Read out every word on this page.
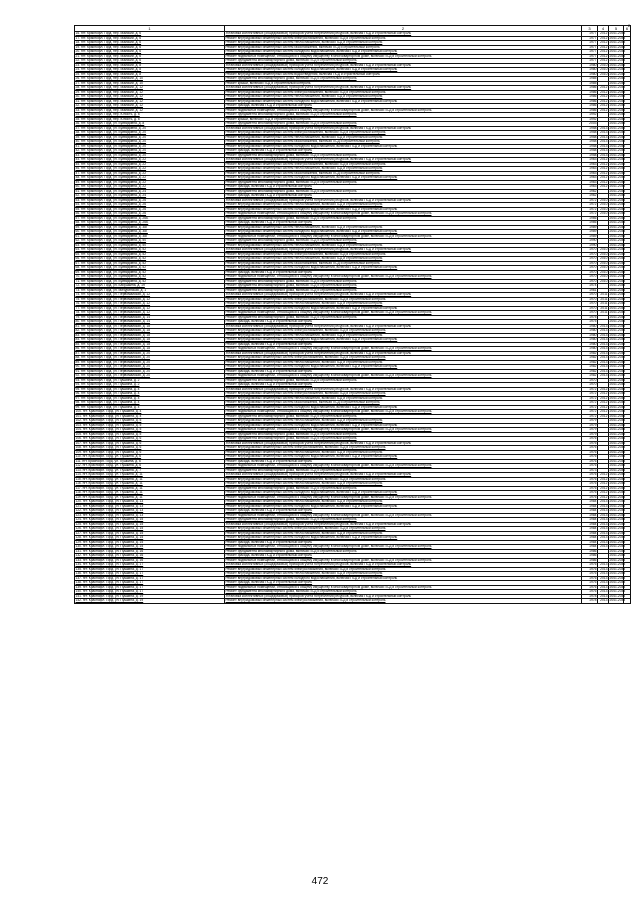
2
1	2	3	4	5	6
16. пгт. Краснофл. Горд. пер. Майский, д. 6	Установка коллективных (общедомовых) приборов учета потребления ресурсов, включая ПСД и строительный контроль	1977	2012	2041-2043	
17. пгт. Краснофл. Горд. пер. Майский, д. 6	Ремонт внутридомовых инженерных систем электроснабжения, включая ПСД и строительный контроль	1977	2012	2041-2043	
18. пгт. Краснофл. Горд. пер. Майский, д. 6	Ремонт внутридомовых инженерных систем теплоснабжения, включая ПСД и строительный контроль	1977	2012	2041-2043	
19. пгт. Краснофл. Горд. пер. Майский, д. 6	Ремонт внутридомовых инженерных систем газоснабжения, включая ПСД и строительный контроль	1977	2012	2041-2043	
20. пгт. Краснофл. Горд. пер. Майский, д. 6	Ремонт внутридомовых инженерных систем холодного водоснабжения, включая ПСД и строительный контроль	1977	2012	2041-2043	
21. пгт. Краснофл. Горд. пер. Майский, д. 6	Ремонт подвальных помещений, относящихся к общему имуществу в многоквартирном доме, включая ПСД и строительный контроль	1977	2012	2041-2043	
22. пгт. Краснофл. Горд. пер. Майский, д. 6	Ремонт фундамента многоквартирного дома, включая ПСД и строительный контроль	1977	2012	2041-2043	
23. пгт. Краснофл. Горд. пер. Майский, д. 8	Установка коллективных (общедомовых) приборов учета потребления ресурсов, включая ПСД и строительный контроль	1980	2010	2041-2043	
24. пгт. Краснофл. Горд. пер. Майский, д. 8	Ремонт внутридомовых инженерных систем холодного водоснабжения, включая ПСД и строительный контроль	1980	2010	2041-2043	
25. пгт. Краснофл. Горд. пер. Майский, д. 8	Ремонт внутридомовых инженерных систем водоотведения, включая ПСД и строительный контроль	1980	2010	2041-2043	
26. пгт. Краснофл. Горд. пер. Майский, д. 10	Ремонт фундамента многоквартирного дома, включая ПСД и строительный контроль	1985		2041-2043	
27. пгт. Краснофл. Горд. пер. Майский, д. 10	Ремонт крыши, включая ПСД и строительный контроль	1985		2041-2043	
28. пгт. Краснофл. Горд. пер. Майский, д. 12	Установка коллективных (общедомовых) приборов учета потребления ресурсов, включая ПСД и строительный контроль	1986	2012	2041-2043	
29. пгт. Краснофл. Горд. пер. Майский, д. 12	Ремонт внутридомовых инженерных систем электроснабжения, включая ПСД и строительный контроль	1986	2012	2041-2043	
30. пгт. Краснофл. Горд. пер. Майский, д. 12	Ремонт внутридомовых инженерных систем теплоснабжения, включая ПСД и строительный контроль	1986	2012	2041-2043	
31. пгт. Краснофл. Горд. пер. Майский, д. 12	Ремонт внутридомовых инженерных систем холодного водоснабжения, включая ПСД и строительный контроль	1986	2012	2041-2043	
32. пгт. Краснофл. Горд. пер. Майский, д. 12	Ремонт фасада, включая ПСД и строительный контроль	1986	2012	2041-2043	
33. пгт. Краснофл. Горд. пер. Майский, д. 12	Ремонт подвальных помещений, относящихся к общему имуществу в многоквартирном доме, включая ПСД и строительный контроль	1986	2012	2041-2043	
34. пгт. Краснофл. Горд. пер. Юность, д. 6	Ремонт фундамента многоквартирного дома, включая ПСД и строительный контроль	1992		2041-2043	
35. пгт. Краснофл. Горд. пер. Юность, д. 6	Ремонт крыши, включая ПСД и строительный контроль	1992		2041-2043	
36. пгт. Краснофл. Горд. ул. Буйвидовна, д. 8	Ремонт фундамента многоквартирного дома, включая ПСД и строительный контроль	2003		2041-2043	
37. пгт. Краснофл. Горд. ул. Буйвидовна, д. 20	Установка коллективных (общедомовых) приборов учета потребления ресурсов, включая ПСД и строительный контроль	1958	2013	2041-2043	
38. пгт. Краснофл. Горд. ул. Буйвидовна, д. 20	Ремонт внутридомовых инженерных систем электроснабжения, включая ПСД и строительный контроль	1958	2013	2041-2043	
39. пгт. Краснофл. Горд. ул. Буйвидовна, д. 20	Ремонт внутридомовых инженерных систем теплоснабжения, включая ПСД и строительный контроль	1958	2013	2041-2043	
40. пгт. Краснофл. Горд. ул. Буйвидовна, д. 20	Ремонт внутридомовых инженерных систем газоснабжения, включая ПСД и строительный контроль	1958	2013	2041-2043	
41. пгт. Краснофл. Горд. ул. Буйвидовна, д. 20	Ремонт внутридомовых инженерных систем холодного водоснабжения, включая ПСД и строительный контроль	1958	2013	2041-2043	
42. пгт. Краснофл. Горд. ул. Буйвидовна, д. 20	Ремонт фасада, включая ПСД и строительный контроль	1958	2013	2041-2043	
43. пгт. Краснофл. Горд. ул. Буйвидовна, д. 20	Ремонт фундамента многоквартирного дома, включая ПСД и строительный контроль	1958	2013	2041-2043	
44. пгт. Краснофл. Горд. ул. Буйвидовна, д. 22	Установка коллективных (общедомовых) приборов учета потребления ресурсов, включая ПСД и строительный контроль	1963	2012	2041-2043	
45. пгт. Краснофл. Горд. ул. Буйвидовна, д. 22	Ремонт внутридомовых инженерных систем электроснабжения, включая ПСД и строительный контроль	1963	2012	2041-2043	
46. пгт. Краснофл. Горд. ул. Буйвидовна, д. 22	Ремонт внутридомовых инженерных систем теплоснабжения, включая ПСД и строительный контроль	1963	2012	2041-2043	
47. пгт. Краснофл. Горд. ул. Буйвидовна, д. 22	Ремонт внутридомовых инженерных систем газоснабжения, включая ПСД и строительный контроль	1963	2012	2041-2043	
48. пгт. Краснофл. Горд. ул. Буйвидовна, д. 22	Ремонт внутридомовых инженерных систем холодного водоснабжения, включая ПСД и строительный контроль	1963	2012	2041-2043	
49. пгт. Краснофл. Горд. ул. Буйвидовна, д. 22	Ремонт фундамента многоквартирного дома, включая ПСД и строительный контроль	1963	2012	2041-2043	
50. пгт. Краснофл. Горд. ул. Буйвидовна, д. 22	Ремонт фасада, включая ПСД и строительный контроль	1963	2012	2041-2043	
51. пгт. Краснофл. Горд. ул. Буйвидовна, д. 24	Ремонт фундамента многоквартирного дома, включая ПСД и строительный контроль	1962		2041-2043	
52. пгт. Краснофл. Горд. ул. Буйвидовна, д. 24	Ремонт фасада, включая ПСД и строительный контроль	1962		2041-2043	
53. пгт. Краснофл. Горд. ул. Буйвидовна, д. 26	Установка коллективных (общедомовых) приборов учета потребления ресурсов, включая ПСД и строительный контроль	1972	2010	2041-2043	
54. пгт. Краснофл. Горд. ул. Буйвидовна, д. 26	Ремонт внутридомовых инженерных систем теплоснабжения, включая ПСД и строительный контроль	1972	2010	2041-2043	
55. пгт. Краснофл. Горд. ул. Буйвидовна, д. 26	Ремонт внутридомовых инженерных систем холодного водоснабжения, включая ПСД и строительный контроль	1972	2010	2041-2043	
56. пгт. Краснофл. Горд. ул. Буйвидовна, д. 26	Ремонт подвальных помещений, относящихся к общему имуществу в многоквартирном доме, включая ПСД и строительный контроль	1972	2010	2041-2043	
57. пгт. Краснофл. Горд. ул. Буйвидовна, д. 26Б	Ремонт фундамента многоквартирного дома, включая ПСД и строительный контроль	1966		2041-2043	
58. пгт. Краснофл. Горд. ул. Буйвидовна, д. 26Б	Ремонт фасада, включая ПСД и строительный контроль	1966		2041-2043	
59. пгт. Краснофл. Горд. ул. Буйвидовна, д. 38Г	Ремонт внутридомовых инженерных систем теплоснабжения, включая ПСД и строительный контроль	1989		2041-2043	
60. пгт. Краснофл. Горд. ул. Буйвидовна, д. 38Г	Ремонт внутридомовых инженерных систем холодного водоснабжения, включая ПСД и строительный контроль	1989		2041-2043	
61. пгт. Краснофл. Горд. ул. Буйвидовна, д. 38Г	Ремонт подвальных помещений, относящихся к общему имуществу в многоквартирном доме, включая ПСД и строительный контроль	1989		2041-2043	
62. пгт. Краснофл. Горд. ул. Буйвидовна, д. 50	Ремонт фундамента многоквартирного дома, включая ПСД и строительный контроль	1990		2041-2043	
63. пгт. Краснофл. Горд. ул. Буйвидовна, д. 50	Ремонт внутридомовых инженерных систем теплоснабжения, включая ПСД и строительный контроль	1990		2041-2043	
64. пгт. Краснофл. Горд. ул. Буйвидовна, д. 52	Установка коллективных (общедомовых) приборов учета потребления ресурсов, включая ПСД и строительный контроль	1970	2010	2041-2043	
65. пгт. Краснофл. Горд. ул. Буйвидовна, д. 52	Ремонт внутридомовых инженерных систем электроснабжения, включая ПСД и строительный контроль	1970	2010	2041-2043	
66. пгт. Краснофл. Горд. ул. Буйвидовна, д. 52	Ремонт внутридомовых инженерных систем теплоснабжения, включая ПСД и строительный контроль	1970	2010	2041-2043	
67. пгт. Краснофл. Горд. ул. Буйвидовна, д. 52	Ремонт внутридомовых инженерных систем газоснабжения, включая ПСД и строительный контроль	1970	2010	2041-2043	
68. пгт. Краснофл. Горд. ул. Буйвидовна, д. 52	Ремонт внутридомовых инженерных систем холодного водоснабжения, включая ПСД и строительный контроль	1970	2010	2041-2043	
69. пгт. Краснофл. Горд. ул. Буйвидовна, д. 52	Ремонт фасада, включая ПСД и строительный контроль	1970	2010	2041-2043	
70. пгт. Краснофл. Горд. ул. Буйвидовна, д. 52	Ремонт подвальных помещений, относящихся к общему имуществу в многоквартирном доме, включая ПСД и строительный контроль	1970	2010	2041-2043	
71. пгт. Краснофл. Горд. ул. Буйвидовна, д. 52	Ремонт фундамента многоквартирного дома, включая ПСД и строительный контроль	1970	2010	2041-2043	
72. пгт. Краснофл. Горд. ул. Бабушкина, д. 19	Ремонт фундамента многоквартирного дома, включая ПСД и строительный контроль	1974		2041-2043	
73. пгт. Краснофл. Горд. ул. Мичуринская, д. 1	Ремонт фундамента многоквартирного дома, включая ПСД и строительный контроль	1961		2041-2043	
74. пгт. Краснофл. Горд. ул. Первомайская, д. 12	Установка коллективных (общедомовых) приборов учета потребления ресурсов, включая ПСД и строительный контроль	1970	2011	2041-2043	
75. пгт. Краснофл. Горд. ул. Первомайская, д. 12	Ремонт внутридомовых инженерных систем электроснабжения, включая ПСД и строительный контроль	1970	2011	2041-2043	
76. пгт. Краснофл. Горд. ул. Первомайская, д. 12	Ремонт внутридомовых инженерных систем теплоснабжения, включая ПСД и строительный контроль	1970	2011	2041-2043	
77. пгт. Краснофл. Горд. ул. Первомайская, д. 12	Ремонт внутридомовых инженерных систем холодного водоснабжения, включая ПСД и строительный контроль	1970	2011	2041-2043	
78. пгт. Краснофл. Горд. ул. Первомайская, д. 12	Ремонт подвальных помещений, относящихся к общему имуществу в многоквартирном доме, включая ПСД и строительный контроль	1970	2011	2041-2043	
79. пгт. Краснофл. Горд. ул. Первомайская, д. 14	Ремонт фундамента многоквартирного дома, включая ПСД и строительный контроль	1975		2041-2043	
80. пгт. Краснофл. Горд. ул. Первомайская, д. 14	Ремонт фасада, включая ПСД и строительный контроль	1975		2041-2043	
81. пгт. Краснофл. Горд. ул. Первомайская, д. 18	Установка коллективных (общедомовых) приборов учета потребления ресурсов, включая ПСД и строительный контроль	1980	2013	2041-2043	
82. пгт. Краснофл. Горд. ул. Первомайская, д. 18	Ремонт внутридомовых инженерных систем электроснабжения, включая ПСД и строительный контроль	1980	2013	2041-2043	
83. пгт. Краснофл. Горд. ул. Первомайская, д. 18	Ремонт внутридомовых инженерных систем теплоснабжения, включая ПСД и строительный контроль	1980	2013	2041-2043	
84. пгт. Краснофл. Горд. ул. Первомайская, д. 18	Ремонт внутридомовых инженерных систем холодного водоснабжения, включая ПСД и строительный контроль	1980	2013	2041-2043	
85. пгт. Краснофл. Горд. ул. Первомайская, д. 18	Ремонт фасада, включая ПСД и строительный контроль	1980	2013	2041-2043	
86. пгт. Краснофл. Горд. ул. Первомайская, д. 18	Ремонт подвальных помещений, относящихся к общему имуществу в многоквартирном доме, включая ПСД и строительный контроль	1980	2013	2041-2043	
87. пгт. Краснофл. Горд. ул. Первомайская, д. 20	Установка коллективных (общедомовых) приборов учета потребления ресурсов, включая ПСД и строительный контроль	1982	2013	2041-2043	
88. пгт. Краснофл. Горд. ул. Первомайская, д. 20	Ремонт внутридомовых инженерных систем электроснабжения, включая ПСД и строительный контроль	1982	2013	2041-2043	
89. пгт. Краснофл. Горд. ул. Первомайская, д. 20	Ремонт внутридомовых инженерных систем теплоснабжения, включая ПСД и строительный контроль	1982	2013	2041-2043	
90. пгт. Краснофл. Горд. ул. Первомайская, д. 20	Ремонт внутридомовых инженерных систем холодного водоснабжения, включая ПСД и строительный контроль	1982	2013	2041-2043	
91. пгт. Краснофл. Горд. ул. Первомайская, д. 20	Ремонт фасада, включая ПСД и строительный контроль	1982	2013	2041-2043	
92. пгт. Краснофл. Горд. ул. Первомайская, д. 20	Ремонт подвальных помещений, относящихся к общему имуществу в многоквартирном доме, включая ПСД и строительный контроль	1982	2013	2041-2043	
93. пгт. Краснофл. Горд. ул. Пушкина, д. 2	Ремонт фундамента многоквартирного дома, включая ПСД и строительный контроль	1970		2041-2043	
94. пгт. Краснофл. Горд. ул. Пушкина, д. 2	Ремонт фасада, включая ПСД и строительный контроль	1970		2041-2043	
95. пгт. Краснофл. Горд. ул. Пушкина, д. 4	Установка коллективных (общедомовых) приборов учета потребления ресурсов, включая ПСД и строительный контроль	1972	2012	2041-2043	
96. пгт. Краснофл. Горд. ул. Пушкина, д. 4	Ремонт внутридомовых инженерных систем электроснабжения, включая ПСД и строительный контроль	1972	2012	2041-2043	
97. пгт. Краснофл. Горд. ул. Пушкина, д. 4	Ремонт внутридомовых инженерных систем теплоснабжения, включая ПСД и строительный контроль	1972	2012	2041-2043	
98. пгт. Краснофл. Горд. ул. Пушкина, д. 4	Ремонт внутридомовых инженерных систем газоснабжения, включая ПСД и строительный контроль	1972	2012	2041-2043	
99. пгт. Краснофл. Горд. ул. Пушкина, д. 4	Ремонт внутридомовых инженерных систем холодного водоснабжения, включая ПСД и строительный контроль	1972	2012	2041-2043	
100. пгт. Краснофл. Горд. ул. Пушкина, д. 4	Ремонт подвальных помещений, относящихся к общему имуществу в многоквартирном доме, включая ПСД и строительный контроль	1972	2012	2041-2043	
101. пгт. Краснофл. Горд. ул. Пушкина, д. 4	Ремонт фундамента многоквартирного дома, включая ПСД и строительный контроль	1972	2012	2041-2043	
102. пгт. Краснофл. Горд. ул. Пушкина, д. 5	Ремонт внутридомовых инженерных систем теплоснабжения, включая ПСД и строительный контроль	1979		2041-2043	
103. пгт. Краснофл. Горд. ул. Пушкина, д. 5	Ремонт внутридомовых инженерных систем холодного водоснабжения, включая ПСД и строительный контроль	1979		2041-2043	
104. пгт. Краснофл. Горд. ул. Пушкина, д. 5	Ремонт подвальных помещений, относящихся к общему имуществу в многоквартирном доме, включая ПСД и строительный контроль	1979		2041-2043	
105. пгт. Краснофл. Горд. ул. Пушкина, д. 5	Ремонт фундамента многоквартирного дома, включая ПСД и строительный контроль	1979		2041-2043	
106. пгт. Краснофл. Горд. ул. Пушкина, д. 6	Ремонт фундамента многоквартирного дома, включая ПСД и строительный контроль	1976		2041-2043	
107. пгт. Краснофл. Горд. ул. Пушкина, д. 6	Установка коллективных (общедомовых) приборов учета потребления ресурсов, включая ПСД и строительный контроль	1976		2041-2043	
108. пгт. Краснофл. Горд. ул. Пушкина, д. 6	Ремонт внутридомовых инженерных систем электроснабжения, включая ПСД и строительный контроль	1976		2041-2043	
109. пгт. Краснофл. Горд. ул. Пушкина, д. 6	Ремонт внутридомовых инженерных систем теплоснабжения, включая ПСД и строительный контроль	1976		2041-2043	
110. пгт. Краснофл. Горд. ул. Пушкина, д. 6	Ремонт внутридомовых инженерных систем холодного водоснабжения, включая ПСД и строительный контроль	1976		2041-2043	
111. пгт. Краснофл. Горд. ул. Пушкина, д. 6	Ремонт фасада, включая ПСД и строительный контроль	1976		2041-2043	
112. пгт. Краснофл. Горд. ул. Пушкина, д. 6	Ремонт подвальных помещений, относящихся к общему имуществу в многоквартирном доме, включая ПСД и строительный контроль	1976		2041-2043	
113. пгт. Краснофл. Горд. ул. Пушкина, д. 7	Ремонт фундамента многоквартирного дома, включая ПСД и строительный контроль	1973		2041-2043	
114. пгт. Краснофл. Горд. ул. Пушкина, д. 11	Установка коллективных (общедомовых) приборов учета потребления ресурсов, включая ПСД и строительный контроль	1976	2012	2041-2043	
115. пгт. Краснофл. Горд. ул. Пушкина, д. 11	Ремонт внутридомовых инженерных систем электроснабжения, включая ПСД и строительный контроль	1976	2012	2041-2043	
116. пгт. Краснофл. Горд. ул. Пушкина, д. 11	Ремонт внутридомовых инженерных систем теплоснабжения, включая ПСД и строительный контроль	1976	2012	2041-2043	
117. пгт. Краснофл. Горд. ул. Пушкина, д. 11	Ремонт фундамента многоквартирного дома, включая ПСД и строительный контроль	1976	2012	2041-2043	
118. пгт. Краснофл. Горд. ул. Пушкина, д. 11	Ремонт внутридомовых инженерных систем холодного водоснабжения, включая ПСД и строительный контроль	1976	2012	2041-2043	
119. пгт. Краснофл. Горд. ул. Пушкина, д. 11	Ремонт подвальных помещений, относящихся к общему имуществу в многоквартирном доме, включая ПСД и строительный контроль	1976	2012	2041-2043	
120. пгт. Краснофл. Горд. ул. Пушкина, д. 13	Ремонт внутридомовых инженерных систем теплоснабжения, включая ПСД и строительный контроль	1984	2013	2041-2043	
121. пгт. Краснофл. Горд. ул. Пушкина, д. 13	Ремонт внутридомовых инженерных систем холодного водоснабжения, включая ПСД и строительный контроль	1984	2013	2041-2043	
122. пгт. Краснофл. Горд. ул. Пушкина, д. 13	Ремонт фасада, включая ПСД и строительный контроль	1984	2013	2041-2043	
123. пгт. Краснофл. Горд. ул. Пушкина, д. 13	Ремонт подвальных помещений, относящихся к общему имуществу в многоквартирном доме, включая ПСД и строительный контроль	1984	2013	2041-2043	
124. пгт. Краснофл. Горд. ул. Пушкина, д. 15	Ремонт фундамента многоквартирного дома, включая ПСД и строительный контроль	1984	2013	2041-2043	
125. пгт. Краснофл. Горд. ул. Пушкина, д. 15	Установка коллективных (общедомовых) приборов учета потребления ресурсов, включая ПСД и строительный контроль	1984	2013	2041-2043	
126. пгт. Краснофл. Горд. ул. Пушкина, д. 15	Ремонт внутридомовых инженерных систем электроснабжения, включая ПСД и строительный контроль	1984	2013	2041-2043	
127. пгт. Краснофл. Горд. ул. Пушкина, д. 15	Ремонт внутридомовых инженерных систем теплоснабжения, включая ПСД и строительный контроль	1984	2013	2041-2043	
128. пгт. Краснофл. Горд. ул. Пушкина, д. 15	Ремонт внутридомовых инженерных систем холодного водоснабжения, включая ПСД и строительный контроль	1984	2013	2041-2043	
129. пгт. Краснофл. Горд. ул. Пушкина, д. 15	Ремонт фасада, включая ПСД и строительный контроль	1984	2013	2041-2043	
130. пгт. Краснофл. Горд. ул. Пушкина, д. 15	Ремонт подвальных помещений, относящихся к общему имуществу в многоквартирном доме, включая ПСД и строительный контроль	1984	2013	2041-2043	
131. пгт. Краснофл. Горд. ул. Пушкина, д. 16	Ремонт фундамента многоквартирного дома, включая ПСД и строительный контроль	1986		2041-2043	
132. пгт. Краснофл. Горд. ул. Пушкина, д. 16	Ремонт фасада, включая ПСД и строительный контроль	1986		2041-2043	
133. пгт. Краснофл. Горд. ул. Пушкина, д. 16	Ремонт подвальных помещений, относящихся к общему имуществу в многоквартирном доме, включая ПСД и строительный контроль	1986		2041-2043	
134. пгт. Краснофл. Горд. ул. Пушкина, д. 17	Установка коллективных (общедомовых) приборов учета потребления ресурсов, включая ПСД и строительный контроль	1976	2013	2041-2043	
135. пгт. Краснофл. Горд. ул. Пушкина, д. 17	Ремонт внутридомовых инженерных систем электроснабжения, включая ПСД и строительный контроль	1976	2013	2041-2043	
136. пгт. Краснофл. Горд. ул. Пушкина, д. 17	Ремонт внутридомовых инженерных систем теплоснабжения, включая ПСД и строительный контроль	1976	2013	2041-2043	
137. пгт. Краснофл. Горд. ул. Пушкина, д. 17	Ремонт внутридомовых инженерных систем холодного водоснабжения, включая ПСД и строительный контроль	1976	2013	2041-2043	
138. пгт. Краснофл. Горд. ул. Пушкина, д. 17	Ремонт фасада, включая ПСД и строительный контроль	1976	2013	2041-2043	
139. пгт. Краснофл. Горд. ул. Пушкина, д. 17	Ремонт подвальных помещений, относящихся к общему имуществу в многоквартирном доме, включая ПСД и строительный контроль	1976	2013	2041-2043	
140. пгт. Краснофл. Горд. ул. Пушкина, д. 17	Ремонт фундамента многоквартирного дома, включая ПСД и строительный контроль	1976	2013	2041-2043	
141. пгт. Краснофл. Горд. ул. Пушкина, д. 19	Установка коллективных (общедомовых) приборов учета потребления ресурсов, включая ПСД и строительный контроль	1978	2013	2041-2043	
142. пгт. Краснофл. Горд. ул. Пушкина, д. 19	Ремонт внутридомовых инженерных систем электроснабжения, включая ПСД и строительный контроль	1978	2013	2041-2043	
472
